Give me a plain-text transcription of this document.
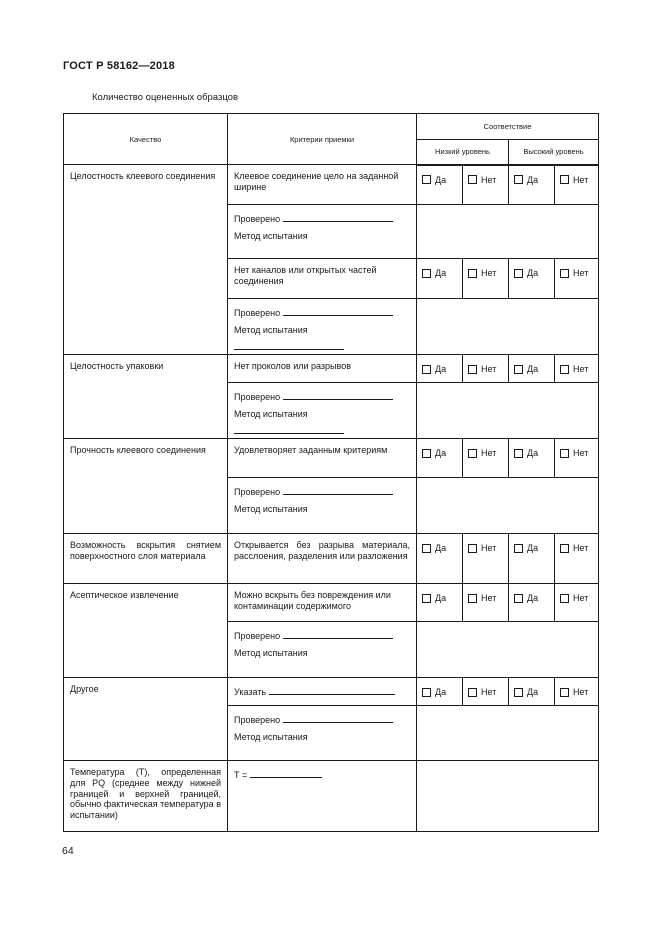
ГОСТ Р 58162—2018
Количество оцененных образцов
Качество	Критерии приемки	Соответствие			
		Низкий уровень		Высокий уровень	

Целостность клеевого соединения	Клеевое соединение цело на заданной ширине	Да	Нет	Да	Нет

	Проверено
Метод испытания				

	Нет каналов или открытых частей соединения	Да	Нет	Да	Нет

	Проверено
Метод испытания				

Целостность упаковки	Нет проколов или разрывов	Да	Нет	Да	Нет

	Проверено
Метод испытания				

Прочность клеевого соединения	Удовлетворяет заданным критериям	Да	Нет	Да	Нет

	Проверено
Метод испытания				

Возможность вскрытия снятием поверхностного слоя материала	Открывается без разрыва материала, расслоения, разделения или разложения	Да	Нет	Да	Нет

Асептическое извлечение	Можно вскрыть без повреждения или контаминации содержимого	Да	Нет	Да	Нет

	Проверено
Метод испытания				

Другое	Указать	Да	Нет	Да	Нет

	Проверено
Метод испытания				

Температура (Т), определенная для PQ (среднее между нижней границей и верхней границей, обычно фактическая температура в испытании)	Т =				

64
